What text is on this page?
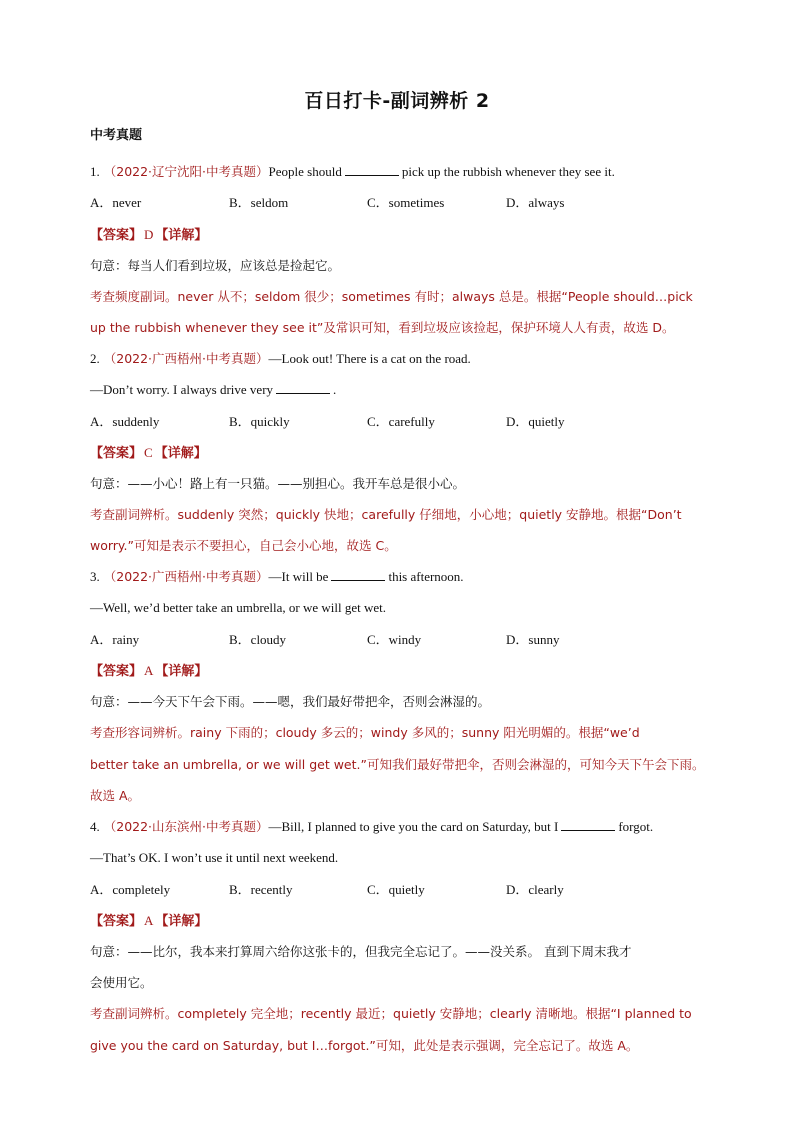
百日打卡-副词辨析 2
中考真题
1. （2022·辽宁沈阳·中考真题）People should	pick up the rubbish whenever they see it.
A．never	B．seldom	C．sometimes	D．always
【答案】 D 【详解】
句意：每当人们看到垃圾，应该总是捡起它。
考查频度副词。never 从不；seldom 很少；sometimes 有时；always 总是。根据“People should…pick
up the rubbish whenever they see it”及常识可知，看到垃圾应该捡起，保护环境人人有责，故选 D。
2. （2022·广西梧州·中考真题）—Look out! There is a cat on the road.
—Don’t worry. I always drive very	.
A．suddenly	B．quickly	C．carefully	D．quietly
【答案】 C 【详解】
句意：——小心！路上有一只猫。——别担心。我开车总是很小心。
考查副词辨析。suddenly 突然；quickly 快地；carefully 仔细地，小心地；quietly 安静地。根据“Don’t
worry.”可知是表示不要担心，自己会小心地，故选 C。
3. （2022·广西梧州·中考真题）—It will be	this afternoon.
—Well, we’d better take an umbrella, or we will get wet.
A．rainy	B．cloudy	C．windy	D．sunny
【答案】 A 【详解】
句意：——今天下午会下雨。——嗯，我们最好带把伞，否则会淋湿的。
考查形容词辨析。rainy 下雨的；cloudy 多云的；windy 多风的；sunny 阳光明媚的。根据“we’d
better take an umbrella, or we will get wet.”可知我们最好带把伞，否则会淋湿的，可知今天下午会下雨。
故选 A。
4. （2022·山东滨州·中考真题）—Bill, I planned to give you the card on Saturday, but I	forgot.
—That’s OK. I won’t use it until next weekend.
A．completely	B．recently	C．quietly	D．clearly
【答案】 A 【详解】
句意：——比尔，我本来打算周六给你这张卡的，但我完全忘记了。——没关系。 直到下周末我才
会使用它。
考查副词辨析。completely 完全地；recently 最近；quietly 安静地；clearly 清晰地。根据“I planned to
give you the card on Saturday, but I…forgot.”可知，此处是表示强调，完全忘记了。故选 A。
